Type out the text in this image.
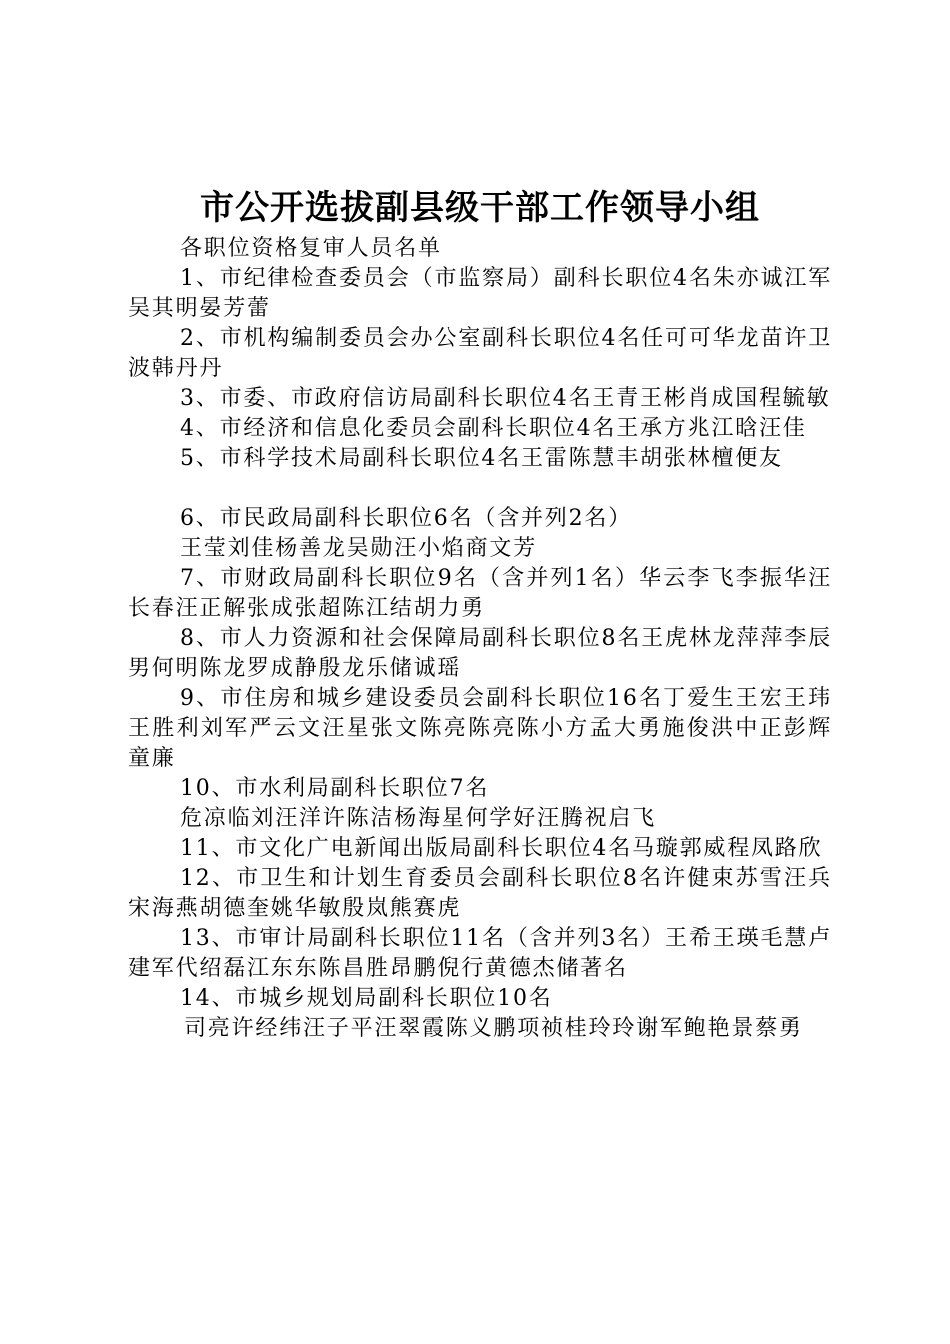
市公开选拔副县级干部工作领导小组

各职位资格复审人员名单

1、市纪律检查委员会（市监察局）副科长职位4名朱亦诚江军吴其明晏芳蕾

2、市机构编制委员会办公室副科长职位4名任可可华龙苗许卫波韩丹丹

3、市委、市政府信访局副科长职位4名王青王彬肖成国程毓敏

4、市经济和信息化委员会副科长职位4名王承方兆江晗汪佳

5、市科学技术局副科长职位4名王雷陈慧丰胡张林檀便友

6、市民政局副科长职位6名（含并列2名）

王莹刘佳杨善龙吴勋汪小焰商文芳

7、市财政局副科长职位9名（含并列1名）华云李飞李振华汪长春汪正解张成张超陈江结胡力勇

8、市人力资源和社会保障局副科长职位8名王虎林龙萍萍李辰男何明陈龙罗成静殷龙乐储诚瑶

9、市住房和城乡建设委员会副科长职位16名丁爱生王宏王玮王胜利刘军严云文汪星张文陈亮陈亮陈小方孟大勇施俊洪中正彭辉童廉

10、市水利局副科长职位7名

危凉临刘汪洋许陈洁杨海星何学好汪腾祝启飞

11、市文化广电新闻出版局副科长职位4名马璇郭威程凤路欣

12、市卫生和计划生育委员会副科长职位8名许健束苏雪汪兵宋海燕胡德奎姚华敏殷岚熊赛虎

13、市审计局副科长职位11名（含并列3名）王希王瑛毛慧卢建军代绍磊江东东陈昌胜昂鹏倪行黄德杰储著名

14、市城乡规划局副科长职位10名

司亮许经纬汪子平汪翠霞陈义鹏项祯桂玲玲谢军鲍艳景蔡勇
